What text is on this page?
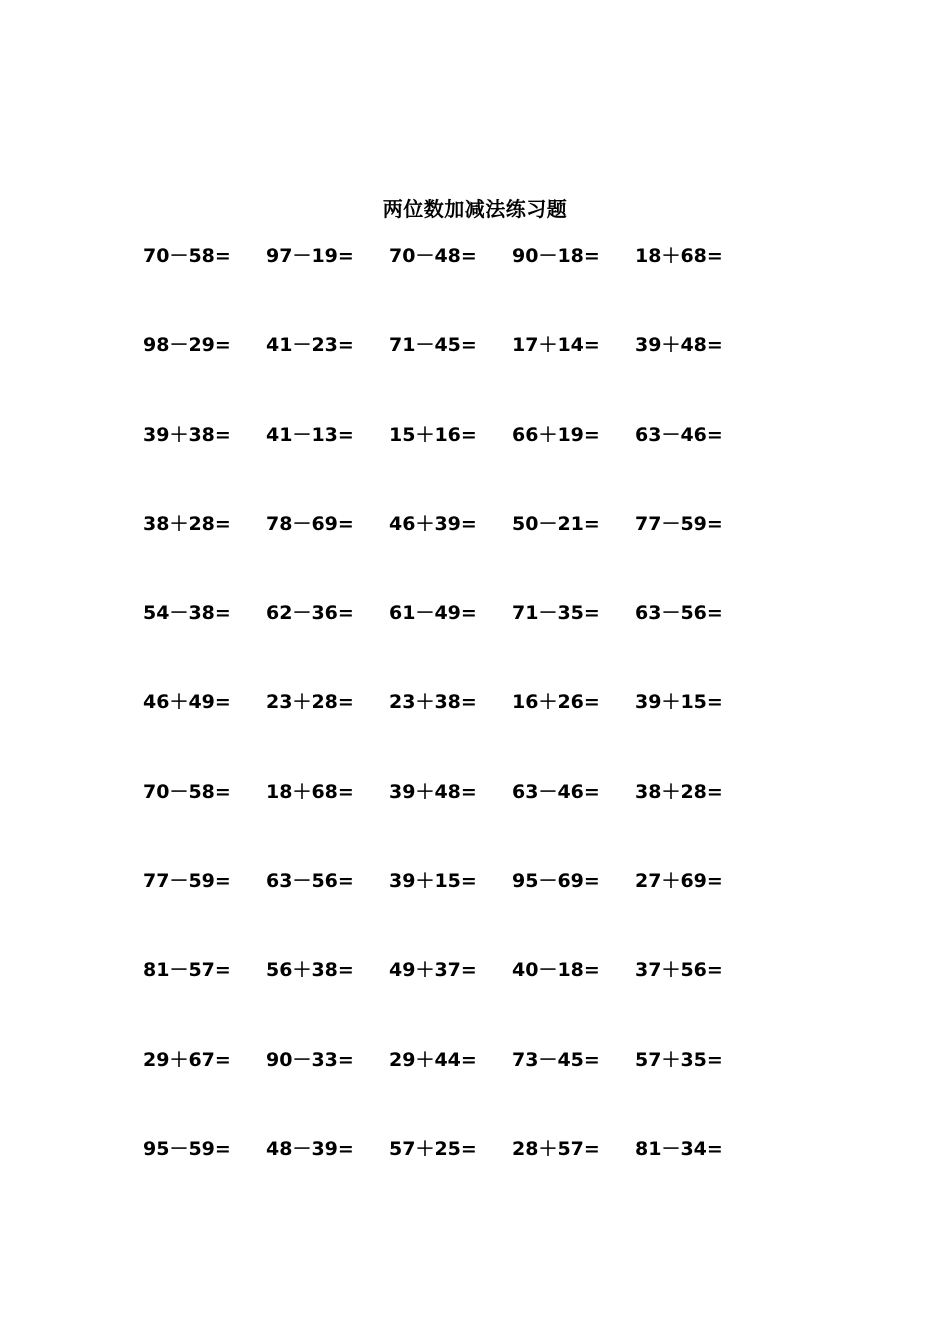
两位数加减法练习题
70－58=	97－19=	70－48=	90－18=	18＋68=
98－29=	41－23=	71－45=	17＋14=	39＋48=
39＋38=	41－13=	15＋16=	66＋19=	63－46=
38＋28=	78－69=	46＋39=	50－21=	77－59=
54－38=	62－36=	61－49=	71－35=	63－56=
46＋49=	23＋28=	23＋38=	16＋26=	39＋15=
70－58=	18＋68=	39＋48=	63－46=	38＋28=
77－59=	63－56=	39＋15=	95－69=	27＋69=
81－57=	56＋38=	49＋37=	40－18=	37＋56=
29＋67=	90－33=	29＋44=	73－45=	57＋35=
95－59=	48－39=	57＋25=	28＋57=	81－34=
